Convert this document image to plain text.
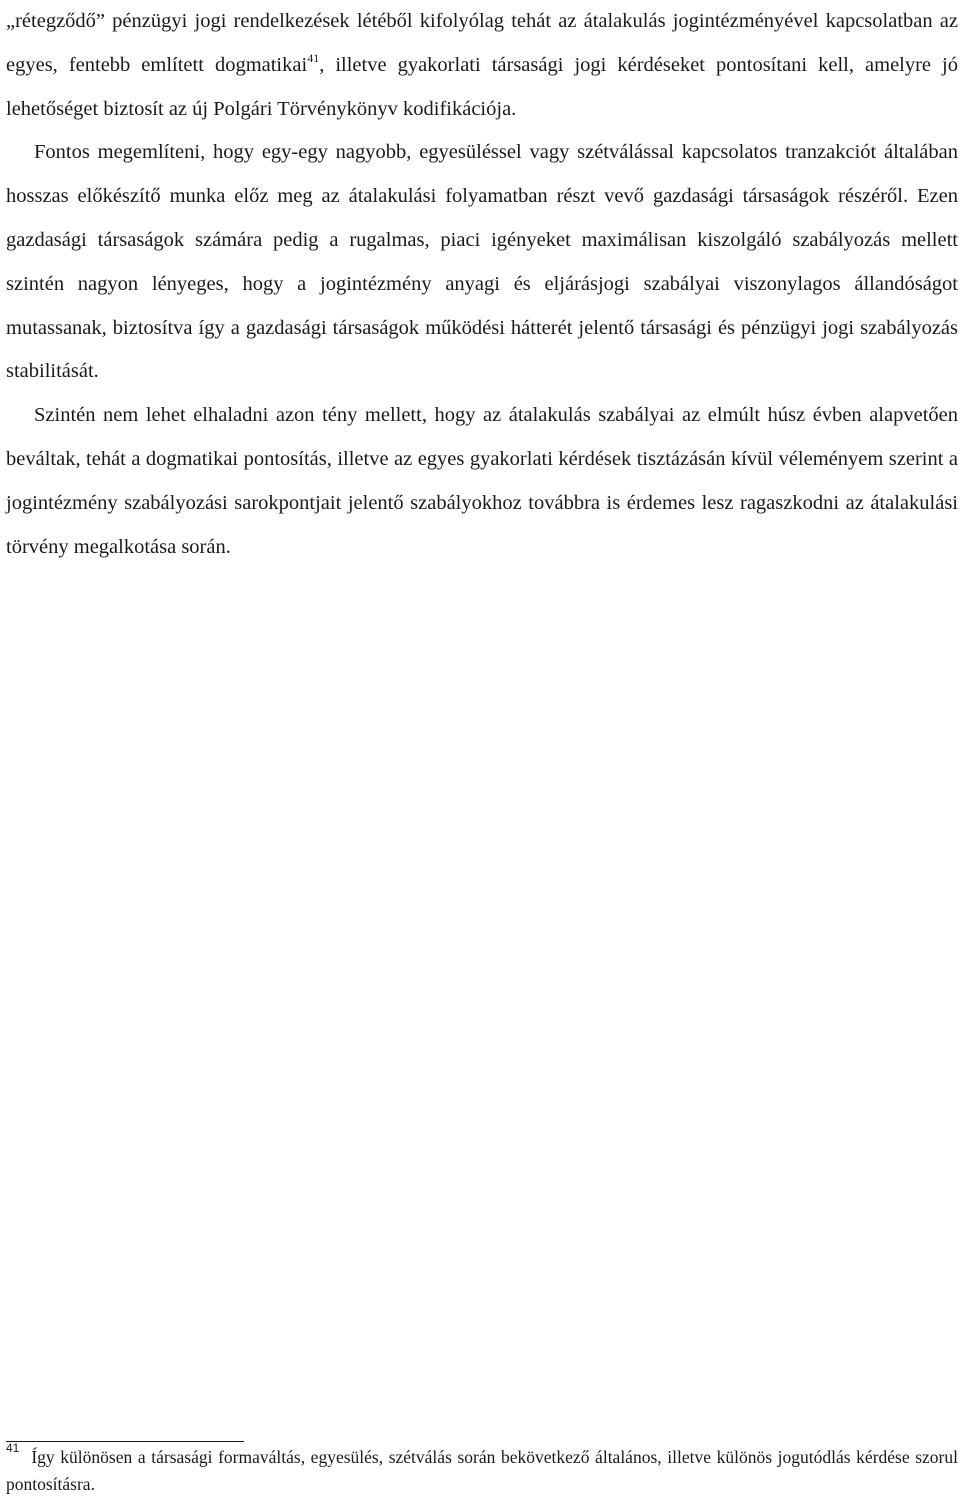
„rétegződő” pénzügyi jogi rendelkezések létéből kifolyólag tehát az átalakulás jogintézményével kapcsolatban az egyes, fentebb említett dogmatikai$^{41}$, illetve gyakorlati társasági jogi kérdéseket pontosítani kell, amelyre jó lehetőséget biztosít az új Polgári Törvénykönyv kodifikációja.

Fontos megemlíteni, hogy egy-egy nagyobb, egyesüléssel vagy szétválással kapcsolatos tranzakciót általában hosszas előkészítő munka előz meg az átalakulási folyamatban részt vevő gazdasági társaságok részéről. Ezen gazdasági társaságok számára pedig a rugalmas, piaci igényeket maximálisan kiszolgáló szabályozás mellett szintén nagyon lényeges, hogy a jogintézmény anyagi és eljárásjogi szabályai viszonylagos állandóságot mutassanak, biztosítva így a gazdasági társaságok működési hátterét jelentő társasági és pénzügyi jogi szabályozás stabilitását.

Szintén nem lehet elhaladni azon tény mellett, hogy az átalakulás szabályai az elmúlt húsz évben alapvetően beváltak, tehát a dogmatikai pontosítás, illetve az egyes gyakorlati kérdések tisztázásán kívül véleményem szerint a jogintézmény szabályozási sarokpontjait jelentő szabályokhoz továbbra is érdemes lesz ragaszkodni az átalakulási törvény megalkotása során.

$^{41}$ Így különösen a társasági formaváltás, egyesülés, szétválás során bekövetkező általános, illetve különös jogutódlás kérdése szorul pontosításra.
